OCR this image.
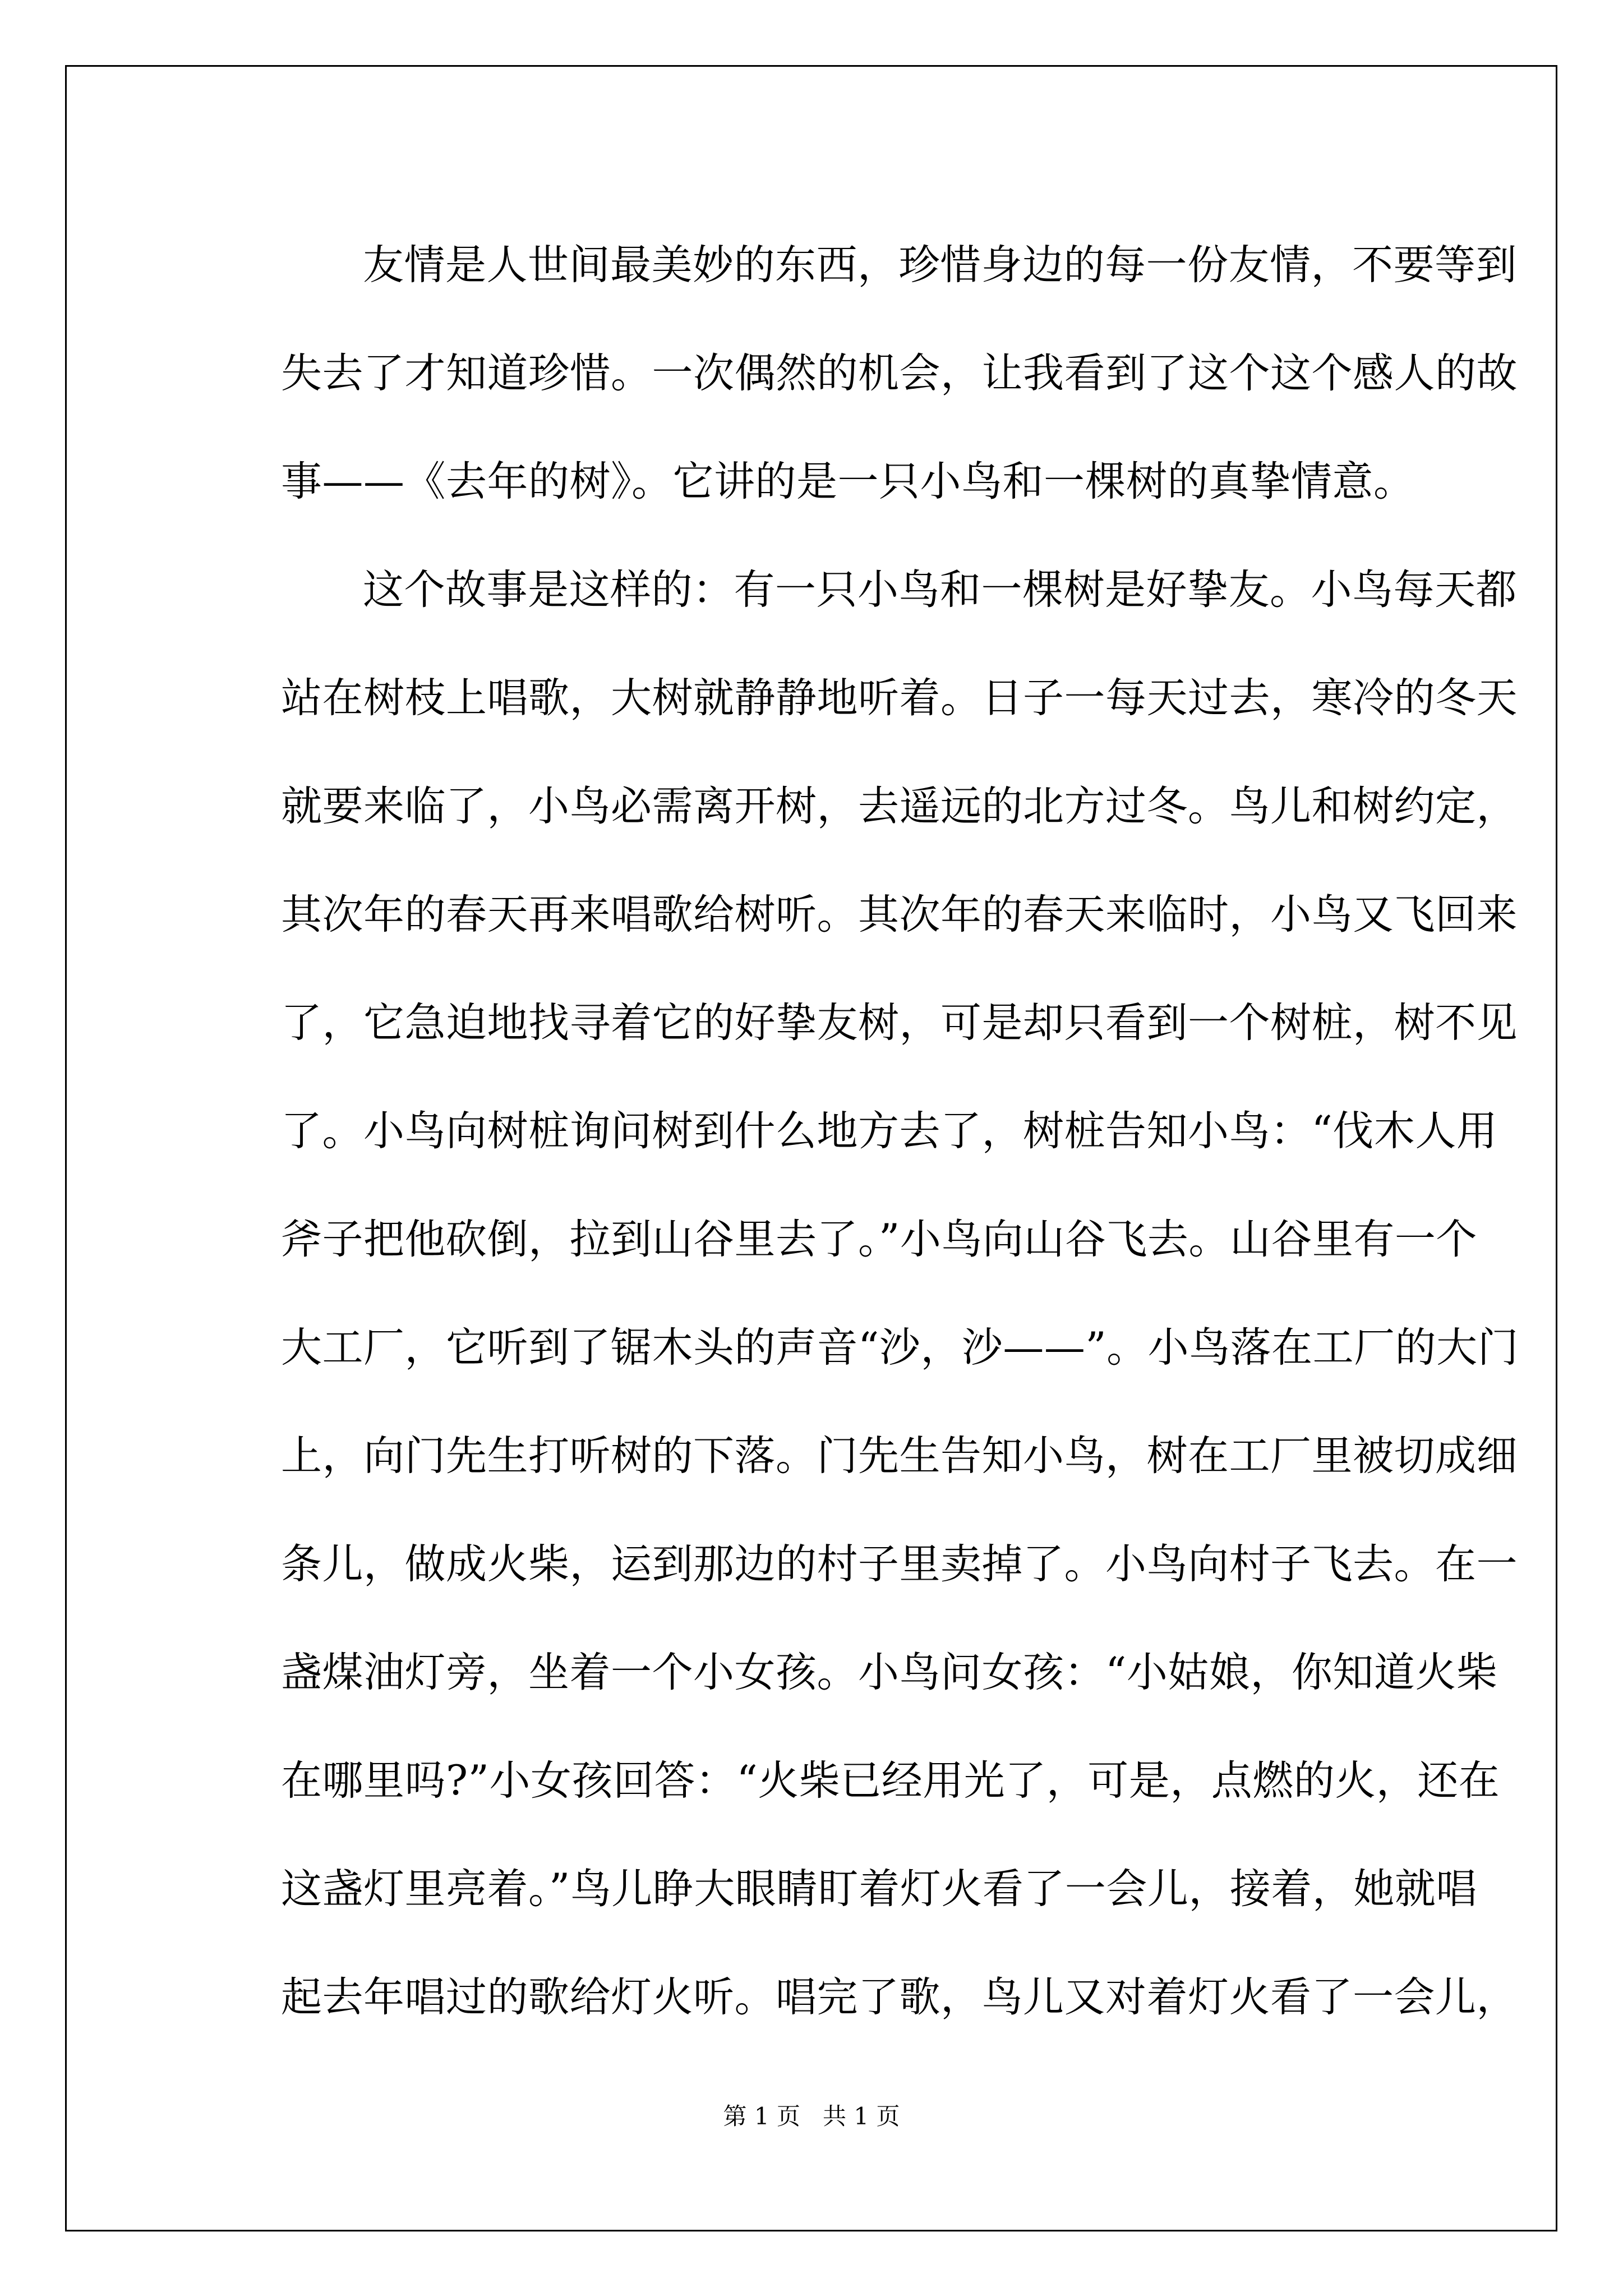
友情是人世间最美妙的东西，珍惜身边的每一份友情，不要等到
失去了才知道珍惜。一次偶然的机会，让我看到了这个这个感人的故
事——《去年的树》。它讲的是一只小鸟和一棵树的真挚情意。
这个故事是这样的：有一只小鸟和一棵树是好挚友。小鸟每天都
站在树枝上唱歌，大树就静静地听着。日子一每天过去，寒冷的冬天
就要来临了，小鸟必需离开树，去遥远的北方过冬。鸟儿和树约定，
其次年的春天再来唱歌给树听。其次年的春天来临时，小鸟又飞回来
了，它急迫地找寻着它的好挚友树，可是却只看到一个树桩，树不见
了。小鸟向树桩询问树到什么地方去了，树桩告知小鸟：“伐木人用
斧子把他砍倒，拉到山谷里去了。”小鸟向山谷飞去。山谷里有一个
大工厂，它听到了锯木头的声音“沙，沙——”。小鸟落在工厂的大门
上，向门先生打听树的下落。门先生告知小鸟，树在工厂里被切成细
条儿，做成火柴，运到那边的村子里卖掉了。小鸟向村子飞去。在一
盏煤油灯旁，坐着一个小女孩。小鸟问女孩：“小姑娘，你知道火柴
在哪里吗?”小女孩回答：“火柴已经用光了，可是，点燃的火，还在
这盏灯里亮着。”鸟儿睁大眼睛盯着灯火看了一会儿，接着，她就唱
起去年唱过的歌给灯火听。唱完了歌，鸟儿又对着灯火看了一会儿，
第 1 页 共 1 页
